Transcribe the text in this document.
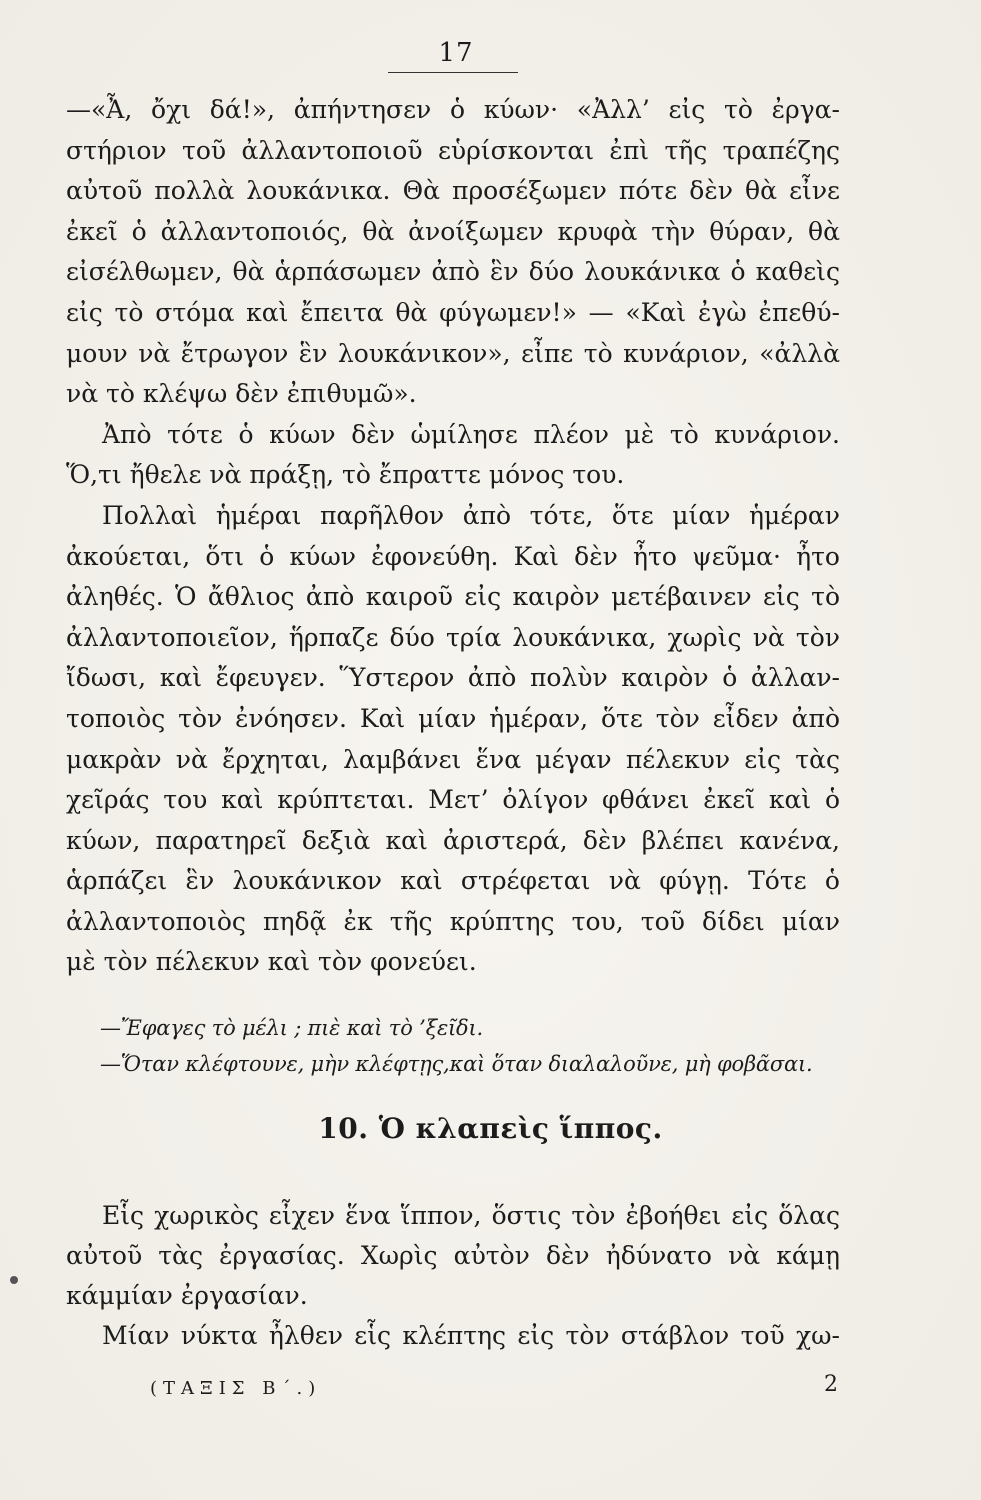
17
—«Ἆ, ὄχι δά!», ἀπήντησεν ὁ κύων· «Ἀλλ’ εἰς τὸ ἐργα-
στήριον τοῦ ἀλλαντοποιοῦ εὑρίσκονται ἐπὶ τῆς τραπέζης
αὐτοῦ πολλὰ λουκάνικα. Θὰ προσέξωμεν πότε δὲν θὰ εἶνε
ἐκεῖ ὁ ἀλλαντοποιός, θὰ ἀνοίξωμεν κρυφὰ τὴν θύραν, θὰ
εἰσέλθωμεν, θὰ ἁρπάσωμεν ἀπὸ ἓν δύο λουκάνικα ὁ καθεὶς
εἰς τὸ στόμα καὶ ἔπειτα θὰ φύγωμεν!» — «Καὶ ἐγὼ ἐπεθύ-
μουν νὰ ἔτρωγον ἓν λουκάνικον», εἶπε τὸ κυνάριον, «ἀλλὰ
νὰ τὸ κλέψω δὲν ἐπιθυμῶ».
Ἀπὸ τότε ὁ κύων δὲν ὡμίλησε πλέον μὲ τὸ κυνάριον.
Ὅ,τι ἤθελε νὰ πράξῃ, τὸ ἔπραττε μόνος του.
Πολλαὶ ἡμέραι παρῆλθον ἀπὸ τότε, ὅτε μίαν ἡμέραν
ἀκούεται, ὅτι ὁ κύων ἐφονεύθη. Καὶ δὲν ἦτο ψεῦμα· ἦτο
ἀληθές. Ὁ ἄθλιος ἀπὸ καιροῦ εἰς καιρὸν μετέβαινεν εἰς τὸ
ἀλλαντοποιεῖον, ἥρπαζε δύο τρία λουκάνικα, χωρὶς νὰ τὸν
ἴδωσι, καὶ ἔφευγεν. Ὕστερον ἀπὸ πολὺν καιρὸν ὁ ἀλλαν-
τοποιὸς τὸν ἐνόησεν. Καὶ μίαν ἡμέραν, ὅτε τὸν εἶδεν ἀπὸ
μακρὰν νὰ ἔρχηται, λαμβάνει ἕνα μέγαν πέλεκυν εἰς τὰς
χεῖράς του καὶ κρύπτεται. Μετ’ ὀλίγον φθάνει ἐκεῖ καὶ ὁ
κύων, παρατηρεῖ δεξιὰ καὶ ἀριστερά, δὲν βλέπει κανένα,
ἁρπάζει ἓν λουκάνικον καὶ στρέφεται νὰ φύγῃ. Τότε ὁ
ἀλλαντοποιὸς πηδᾷ ἐκ τῆς κρύπτης του, τοῦ δίδει μίαν
μὲ τὸν πέλεκυν καὶ τὸν φονεύει.
—Ἔφαγες τὸ μέλι ; πιὲ καὶ τὸ ’ξεῖδι.
—Ὅταν κλέφτουνε, μὴν κλέφτῃς,καὶ ὅταν διαλαλοῦνε, μὴ φοβᾶσαι.
10. Ὁ κλαπεὶς ἵππος.
Εἷς χωρικὸς εἶχεν ἕνα ἵππον, ὅστις τὸν ἐβοήθει εἰς ὅλας
αὐτοῦ τὰς ἐργασίας. Χωρὶς αὐτὸν δὲν ἠδύνατο νὰ κάμῃ
κάμμίαν ἐργασίαν.
Μίαν νύκτα ἦλθεν εἷς κλέπτης εἰς τὸν στάβλον τοῦ χω-
(ΤΑΞΙΣ Β΄.)	2
